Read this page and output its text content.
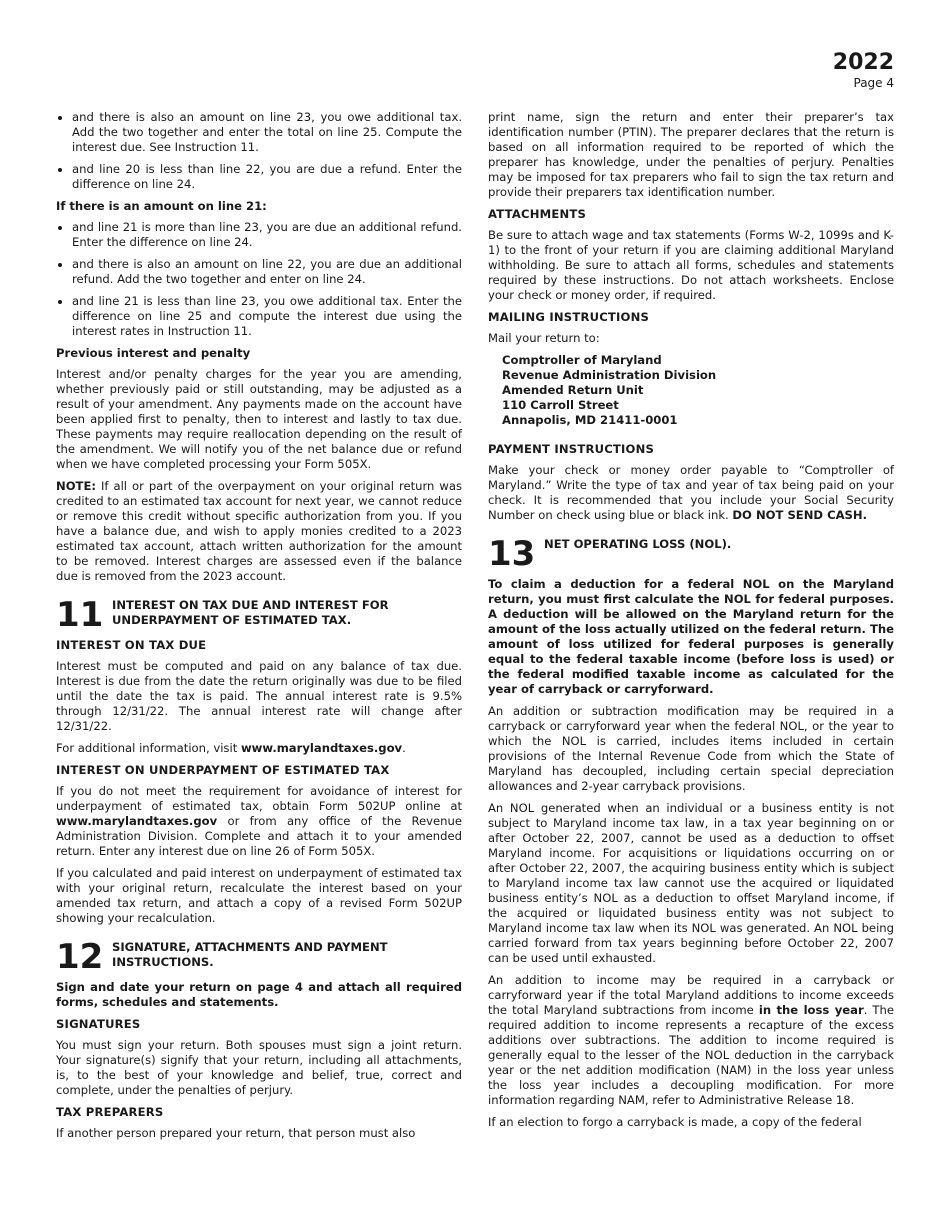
2022
Page 4
• and there is also an amount on line 23, you owe additional tax. Add the two together and enter the total on line 25. Compute the interest due. See Instruction 11.
• and line 20 is less than line 22, you are due a refund. Enter the difference on line 24.
If there is an amount on line 21:
• and line 21 is more than line 23, you are due an additional refund. Enter the difference on line 24.
• and there is also an amount on line 22, you are due an additional refund. Add the two together and enter on line 24.
• and line 21 is less than line 23, you owe additional tax. Enter the difference on line 25 and compute the interest due using the interest rates in Instruction 11.
Previous interest and penalty

Interest and/or penalty charges for the year you are amending, whether previously paid or still outstanding, may be adjusted as a result of your amendment. Any payments made on the account have been applied first to penalty, then to interest and lastly to tax due. These payments may require reallocation depending on the result of the amendment. We will notify you of the net balance due or refund when we have completed processing your Form 505X.

NOTE: If all or part of the overpayment on your original return was credited to an estimated tax account for next year, we cannot reduce or remove this credit without specific authorization from you. If you have a balance due, and wish to apply monies credited to a 2023 estimated tax account, attach written authorization for the amount to be removed. Interest charges are assessed even if the balance due is removed from the 2023 account.

11 INTEREST ON TAX DUE AND INTEREST FOR UNDERPAYMENT OF ESTIMATED TAX.
INTEREST ON TAX DUE

Interest must be computed and paid on any balance of tax due. Interest is due from the date the return originally was due to be filed until the date the tax is paid. The annual interest rate is 9.5% through 12/31/22. The annual interest rate will change after 12/31/22.

For additional information, visit www.marylandtaxes.gov.

INTEREST ON UNDERPAYMENT OF ESTIMATED TAX

If you do not meet the requirement for avoidance of interest for underpayment of estimated tax, obtain Form 502UP online at www.marylandtaxes.gov or from any office of the Revenue Administration Division. Complete and attach it to your amended return. Enter any interest due on line 26 of Form 505X.

If you calculated and paid interest on underpayment of estimated tax with your original return, recalculate the interest based on your amended tax return, and attach a copy of a revised Form 502UP showing your recalculation.

12 SIGNATURE, ATTACHMENTS AND PAYMENT INSTRUCTIONS.

Sign and date your return on page 4 and attach all required forms, schedules and statements.

SIGNATURES

You must sign your return. Both spouses must sign a joint return. Your signature(s) signify that your return, including all attachments, is, to the best of your knowledge and belief, true, correct and complete, under the penalties of perjury.

TAX PREPARERS

If another person prepared your return, that person must also

print name, sign the return and enter their preparer’s tax identification number (PTIN). The preparer declares that the return is based on all information required to be reported of which the preparer has knowledge, under the penalties of perjury. Penalties may be imposed for tax preparers who fail to sign the tax return and provide their preparers tax identification number.

ATTACHMENTS

Be sure to attach wage and tax statements (Forms W-2, 1099s and K-1) to the front of your return if you are claiming additional Maryland withholding. Be sure to attach all forms, schedules and statements required by these instructions. Do not attach worksheets. Enclose your check or money order, if required.

MAILING INSTRUCTIONS

Mail your return to:

Comptroller of Maryland
Revenue Administration Division
Amended Return Unit
110 Carroll Street
Annapolis, MD 21411-0001
PAYMENT INSTRUCTIONS

Make your check or money order payable to “Comptroller of Maryland.” Write the type of tax and year of tax being paid on your check. It is recommended that you include your Social Security Number on check using blue or black ink. DO NOT SEND CASH.

13 NET OPERATING LOSS (NOL).

To claim a deduction for a federal NOL on the Maryland return, you must first calculate the NOL for federal purposes. A deduction will be allowed on the Maryland return for the amount of the loss actually utilized on the federal return. The amount of loss utilized for federal purposes is generally equal to the federal taxable income (before loss is used) or the federal modified taxable income as calculated for the year of carryback or carryforward.

An addition or subtraction modification may be required in a carryback or carryforward year when the federal NOL, or the year to which the NOL is carried, includes items included in certain provisions of the Internal Revenue Code from which the State of Maryland has decoupled, including certain special depreciation allowances and 2-year carryback provisions.

An NOL generated when an individual or a business entity is not subject to Maryland income tax law, in a tax year beginning on or after October 22, 2007, cannot be used as a deduction to offset Maryland income. For acquisitions or liquidations occurring on or after October 22, 2007, the acquiring business entity which is subject to Maryland income tax law cannot use the acquired or liquidated business entity’s NOL as a deduction to offset Maryland income, if the acquired or liquidated business entity was not subject to Maryland income tax law when its NOL was generated. An NOL being carried forward from tax years beginning before October 22, 2007 can be used until exhausted.

An addition to income may be required in a carryback or carryforward year if the total Maryland additions to income exceeds the total Maryland subtractions from income in the loss year. The required addition to income represents a recapture of the excess additions over subtractions. The addition to income required is generally equal to the lesser of the NOL deduction in the carryback year or the net addition modification (NAM) in the loss year unless the loss year includes a decoupling modification. For more information regarding NAM, refer to Administrative Release 18.

If an election to forgo a carryback is made, a copy of the federal
